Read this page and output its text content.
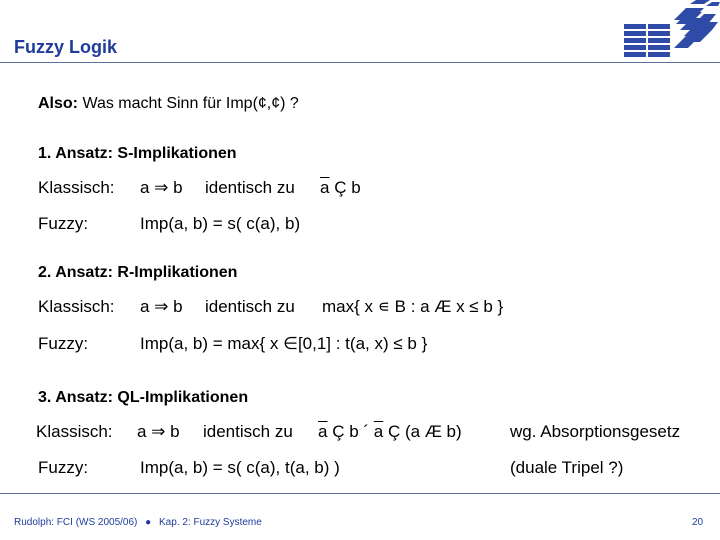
Fuzzy Logik
Also: Was macht Sinn für Imp(¢,¢) ?
1. Ansatz: S-Implikationen
Klassisch: a ⇒ b identisch zu $\overline{a}$ Ç b
Fuzzy:	Imp(a, b) = s( c(a), b)
2. Ansatz: R-Implikationen
Klassisch: a ⇒ b identisch zu max{ x ∊ B : a Æ x ≤ b }
Fuzzy:	Imp(a, b) = max{ x ∈[0,1] : t(a, x) ≤ b }
3. Ansatz: QL-Implikationen
Klassisch: a ⇒ b identisch zu $\overline{a}$ Ç b ´ $\overline{a}$ Ç (a Æ b)	wg. Absorptionsgesetz
Fuzzy:	Imp(a, b) = s( c(a), t(a, b) )	(duale Tripel ?)
Rudolph: FCI (WS 2005/06) ● Kap. 2: Fuzzy Systeme	20
